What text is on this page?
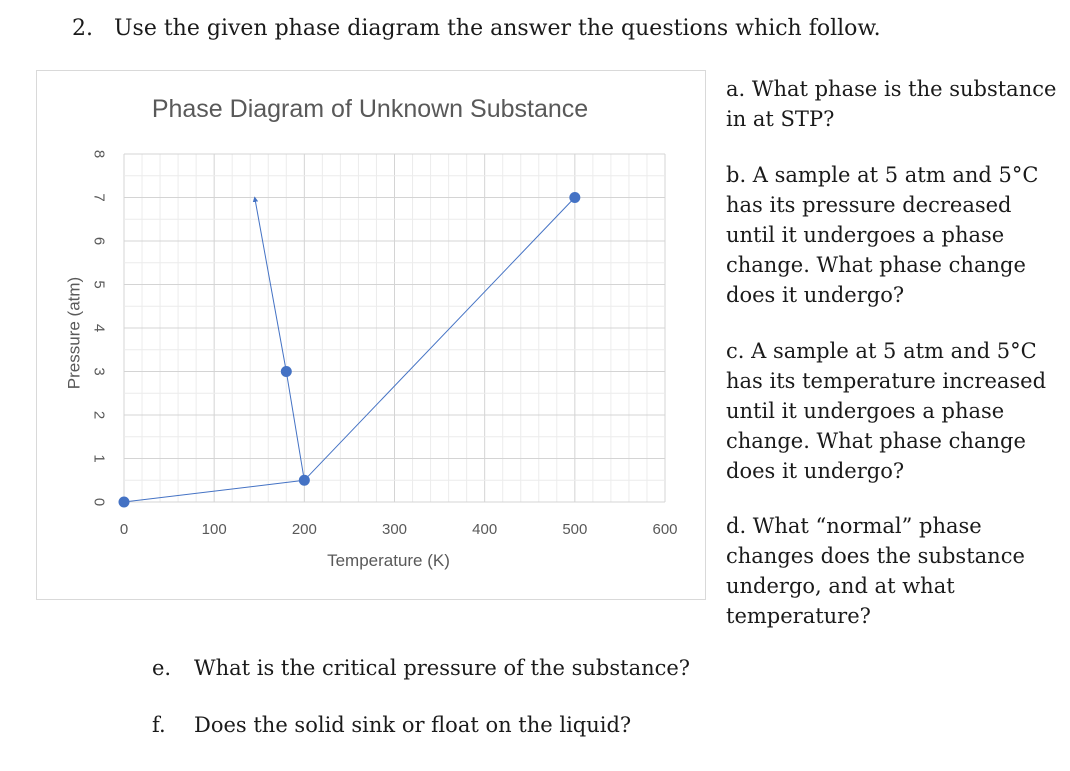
2. Use the given phase diagram the answer the questions which follow.
Phase Diagram of Unknown Substance
0	100	200	300	400	500	600
0
1
2
3
4
5
6
7
8
Temperature (K)
Pressure (atm)
a. What phase is the substance in at STP?
b. A sample at 5 atm and 5°C has its pressure decreased until it undergoes a phase change. What phase change does it undergo?
c. A sample at 5 atm and 5°C has its temperature increased until it undergoes a phase change. What phase change does it undergo?
d. What “normal” phase changes does the substance undergo, and at what temperature?
e. What is the critical pressure of the substance?
f. Does the solid sink or float on the liquid?
